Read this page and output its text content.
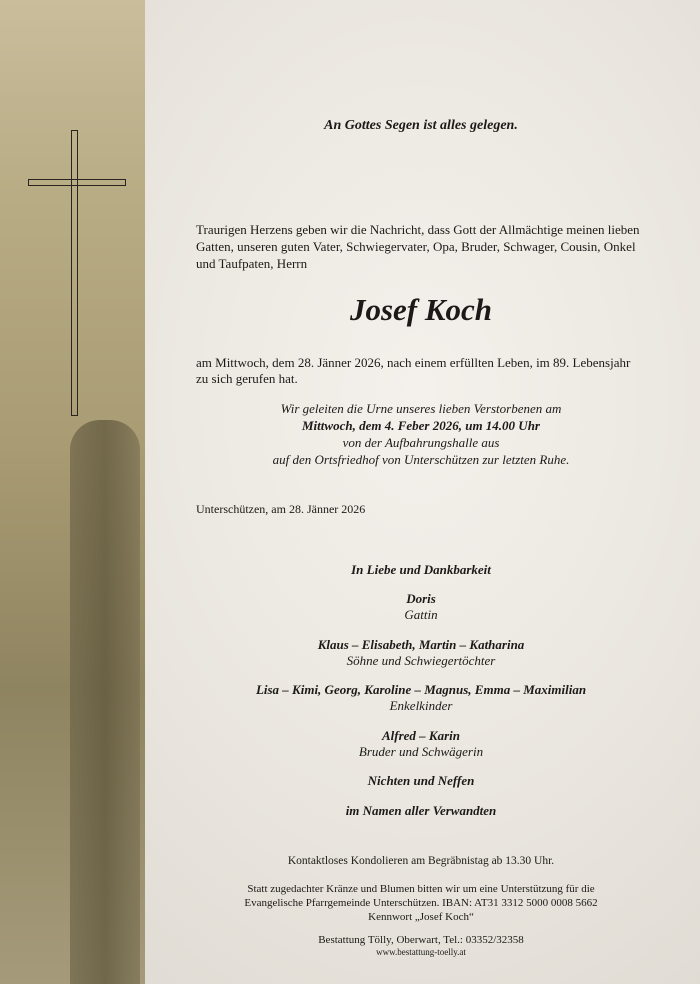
An Gottes Segen ist alles gelegen.
Traurigen Herzens geben wir die Nachricht, dass Gott der Allmächtige meinen lieben
Gatten, unseren guten Vater, Schwiegervater, Opa, Bruder, Schwager, Cousin, Onkel
und Taufpaten, Herrn
Josef Koch
am Mittwoch, dem 28. Jänner 2026, nach einem erfüllten Leben, im 89. Lebensjahr
zu sich gerufen hat.
Wir geleiten die Urne unseres lieben Verstorbenen am
Mittwoch, dem 4. Feber 2026, um 14.00 Uhr
von der Aufbahrungshalle aus
auf den Ortsfriedhof von Unterschützen zur letzten Ruhe.
Unterschützen, am 28. Jänner 2026
In Liebe und Dankbarkeit
Doris
Gattin
Klaus – Elisabeth, Martin – Katharina
Söhne und Schwiegertöchter
Lisa – Kimi, Georg, Karoline – Magnus, Emma – Maximilian
Enkelkinder
Alfred – Karin
Bruder und Schwägerin
Nichten und Neffen
im Namen aller Verwandten
Kontaktloses Kondolieren am Begräbnistag ab 13.30 Uhr.
Statt zugedachter Kränze und Blumen bitten wir um eine Unterstützung für die
Evangelische Pfarrgemeinde Unterschützen. IBAN: AT31 3312 5000 0008 5662
Kennwort „Josef Koch“
Bestattung Tölly, Oberwart, Tel.: 03352/32358
www.bestattung-toelly.at
